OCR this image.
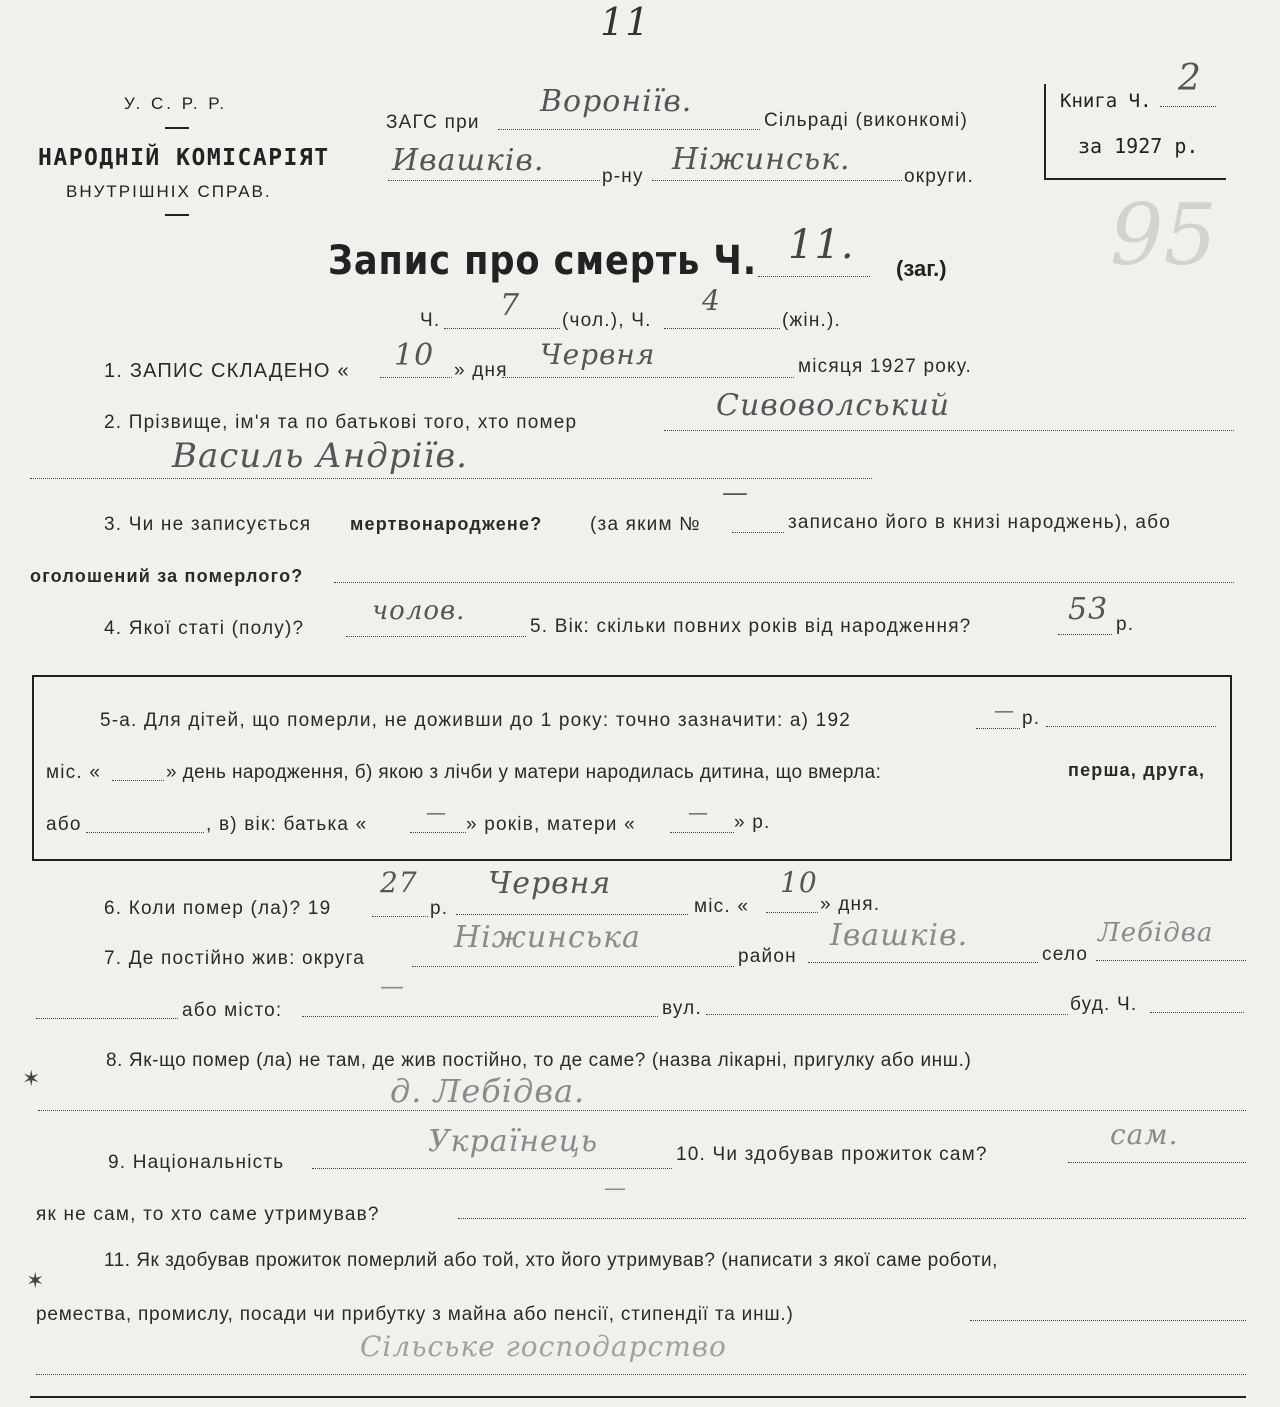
11
У. С. Р. Р.
НАРОДНІЙ КОМІСАРІЯТ
ВНУТРІШНІХ СПРАВ.
ЗАГС при
Вороніїв.
Сільраді (виконкомі)
Ивашків.	р-ну Ніжинськ.	округи.
Книга Ч.
2
за 1927 р.
95
Запис про смерть Ч. 11.
(заг.)
Ч. 7 (чол.), Ч.
4
(жін.).
1. ЗАПИС СКЛАДЕНО « 10 » дня Червня	місяця 1927 року.
2. Прізвище, ім'я та по батькові того, хто помер	Сивоволський
Василь Андріїв.
3. Чи не записується мертвонароджене?	(за яким №
—
записано його в книзі народжень), або
оголошений за померлого?
4. Якої статі (полу)?
чолов.
5. Вік: скільки повних років від народження?	53 р.
5-а. Для дітей, що померли, не доживши до 1 року: точно зазначити: а) 192	— р.
міс. «	» день народження, б) якою з лічби у матери народилась дитина, що вмерла:	перша, друга,
або	, в) вік: батька «
—
» років, матери «
— » р.
6. Коли помер (ла)? 19
27
р.
Червня
міс. «
10
» дня.
7. Де постійно жив: округа
Ніжинська
район
Івашків.
село
Лебідва
або місто:
—
вул.	буд. Ч.
8. Як-що помер (ла) не там, де жив постійно, то де саме? (назва лікарні, пригулку або инш.)
д. Лебідва.
9. Національність
Українець	10. Чи здобував прожиток сам?
сам.
як не сам, то хто саме утримував?
—
11. Як здобував прожиток померлий або той, хто його утримував? (написати з якої саме роботи,
ремества, промислу, посади чи прибутку з майна або пенсії, стипендії та инш.)
Сільське господарство
✶
✶
